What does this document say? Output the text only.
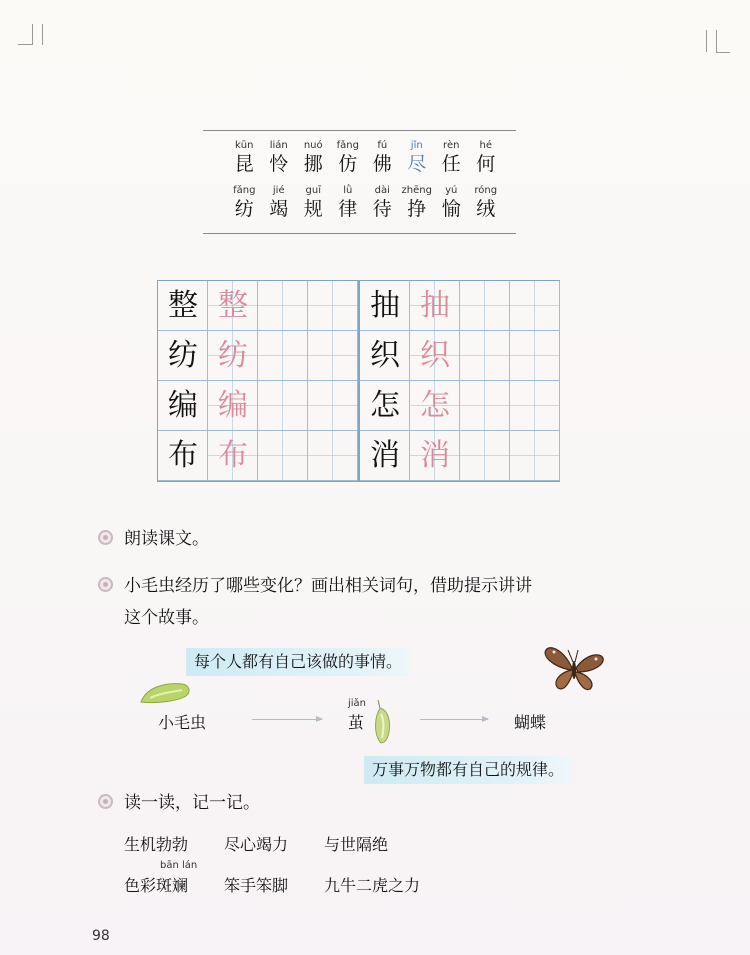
kūn
昆
lián
怜
nuó
挪
fǎng
仿
fú
佛
jǐn
尽
rèn
任
hé
何
fǎng
纺
jié
竭
guī
规
lǜ
律
dài
待
zhēng
挣
yú
愉
róng
绒
整 整
纺 纺
编 编
布 布
抽 抽
织 织
怎 怎
消 消
朗读课文。
小毛虫经历了哪些变化？画出相关词句，借助提示讲讲
这个故事。
每个人都有自己该做的事情。
小毛虫
jiǎn
茧	蝴蝶
万事万物都有自己的规律。
读一读，记一记。
生机勃勃 尽心竭力 与世隔绝
bān lán
色彩斑斓 笨手笨脚 九牛二虎之力
98
